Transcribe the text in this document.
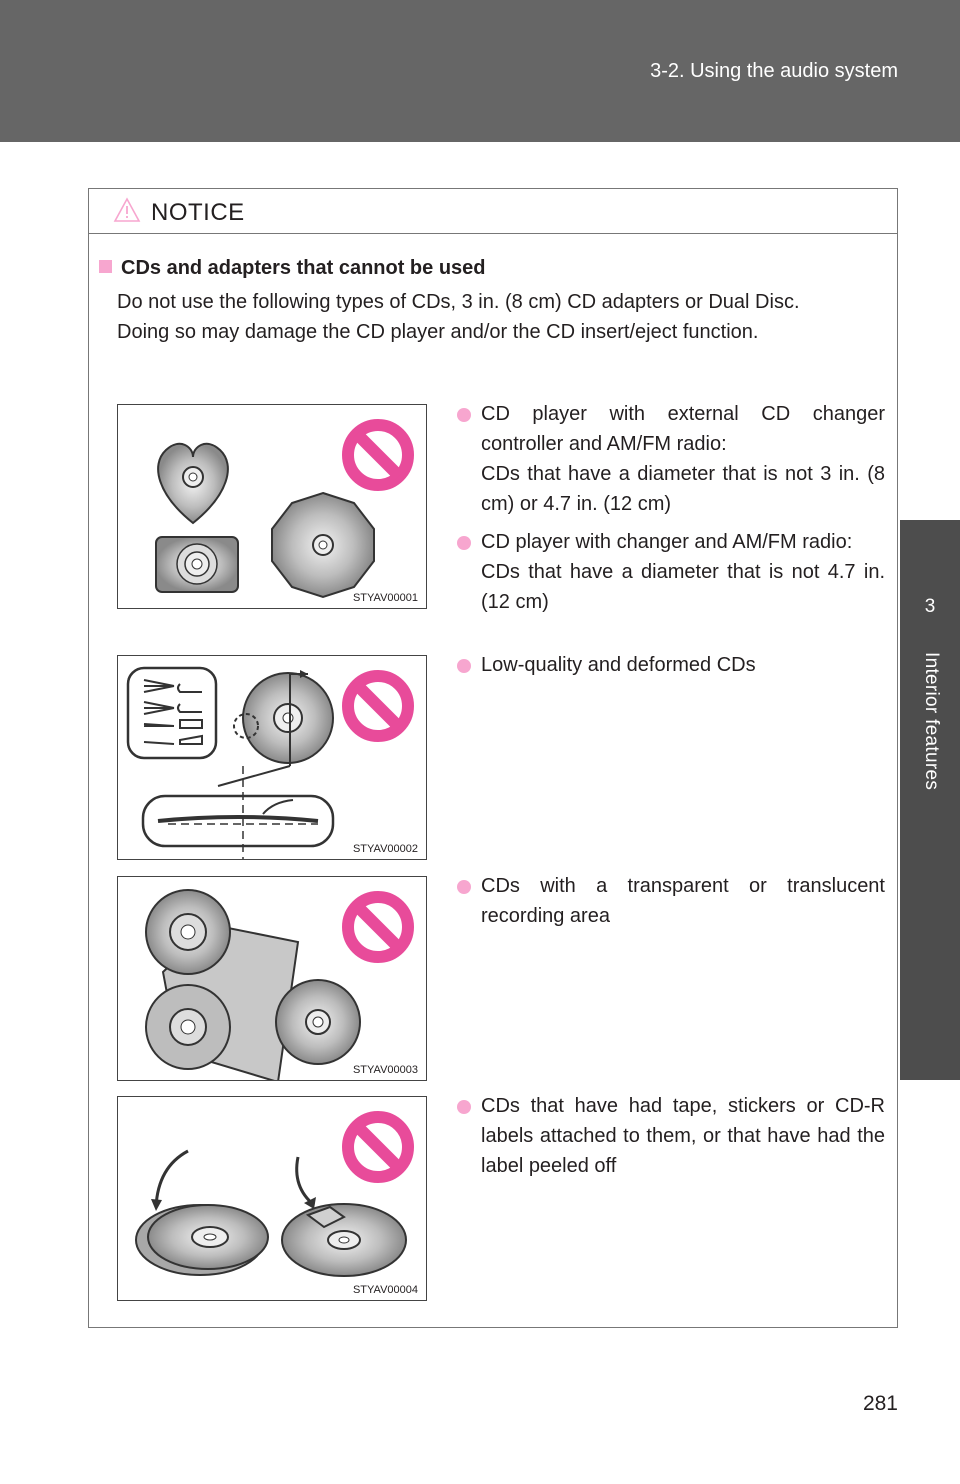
3-2. Using the audio system
3
Interior features
NOTICE
CDs and adapters that cannot be used

Do not use the following types of CDs, 3 in. (8 cm) CD adapters or Dual Disc.

Doing so may damage the CD player and/or the CD insert/eject function.

STYAV00001
CD player with external CD changer controller and AM/FM radio:
CDs that have a diameter that is not 3 in. (8 cm) or 4.7 in. (12 cm)
CD player with changer and AM/FM radio:
CDs that have a diameter that is not 4.7 in. (12 cm)
STYAV00002
Low-quality and deformed CDs
STYAV00003
CDs with a transparent or translucent recording area
STYAV00004
CDs that have had tape, stickers or CD-R labels attached to them, or that have had the label peeled off
281
